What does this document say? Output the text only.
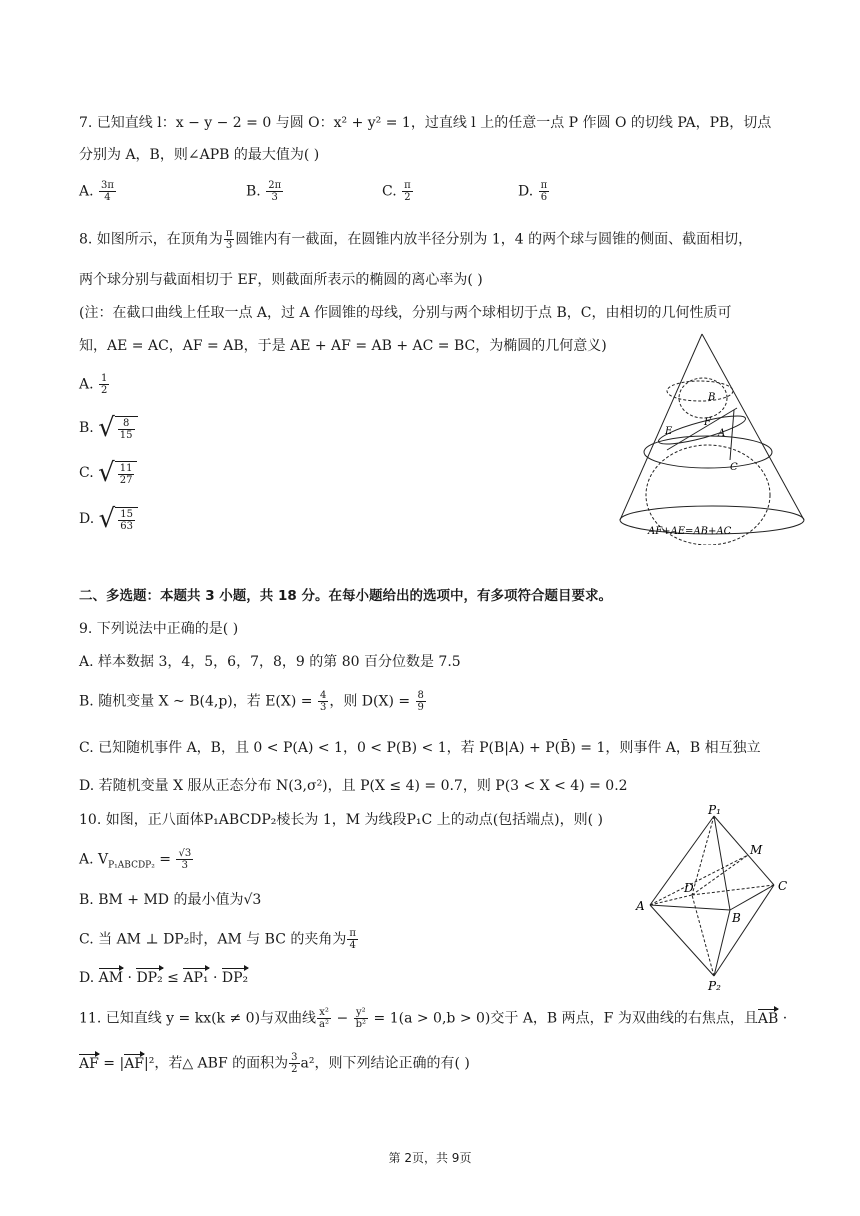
7. 已知直线 l：x − y − 2 = 0 与圆 O：x² + y² = 1，过直线 l 上的任意一点 P 作圆 O 的切线 PA，PB，切点
分别为 A，B，则∠APB 的最大值为( )
A. $\frac{3\pi}{4}$	B. $\frac{2\pi}{3}$	C. $\frac{\pi}{2}$	D. $\frac{\pi}{6}$
8. 如图所示，在顶角为 $\frac{\pi}{3}$ 圆锥内有一截面，在圆锥内放半径分别为 1，4 的两个球与圆锥的侧面、截面相切，
两个球分别与截面相切于 EF，则截面所表示的椭圆的离心率为( )
(注：在截口曲线上任取一点 A，过 A 作圆锥的母线，分别与两个球相切于点 B，C，由相切的几何性质可
知，AE = AC，AF = AB，于是 AE + AF = AB + AC = BC，为椭圆的几何意义)
A. $\frac{1}{2}$
B. √ $\frac{8}{15}$
C. √ $\frac{11}{27}$
D. √ $\frac{15}{63}$
B
F
A
E
C
AF+AE=AB+AC
二、多选题：本题共 3 小题，共 18 分。在每小题给出的选项中，有多项符合题目要求。
9. 下列说法中正确的是( )
A. 样本数据 3，4，5，6，7，8，9 的第 80 百分位数是 7.5
B. 随机变量 X ~ B(4,p)，若 $E(X) = \frac{4}{3}$ ，则 $D(X) = \frac{8}{9}$
C. 已知随机事件 A，B，且 0 < P(A) < 1，0 < P(B) < 1，若 P(B|A) + P(B̄) = 1，则事件 A，B 相互独立
D. 若随机变量 X 服从正态分布 N(3,σ²)，且 P(X ≤ 4) = 0.7，则 P(3 < X < 4) = 0.2
10. 如图，正八面体P₁ABCDP₂棱长为 1，M 为线段P₁C 上的动点(包括端点)，则( )
A. $V_{P_1ABCDP_2} = \frac{√3}{3}$
B. BM + MD 的最小值为√3
C. 当 AM ⊥ DP₂时，AM 与 BC 的夹角为 $\frac{\pi}{4}$
D. AM · DP₂ ≤ AP₁ · DP₂
P₁
M
C
A
D
B
P₂
11. 已知直线 y = kx(k ≠ 0)与双曲线 $\frac{\text{x²}}{\text{a²}} - \frac{\text{y²}}{\text{b²}} = 1(a > 0,b > 0)$交于 A，B 两点，F 为双曲线的右焦点，且AB ·
AF = |AF|²，若△ ABF 的面积为 $\frac{3}{2} a^2$，则下列结论正确的有( )
第 2页，共 9页
